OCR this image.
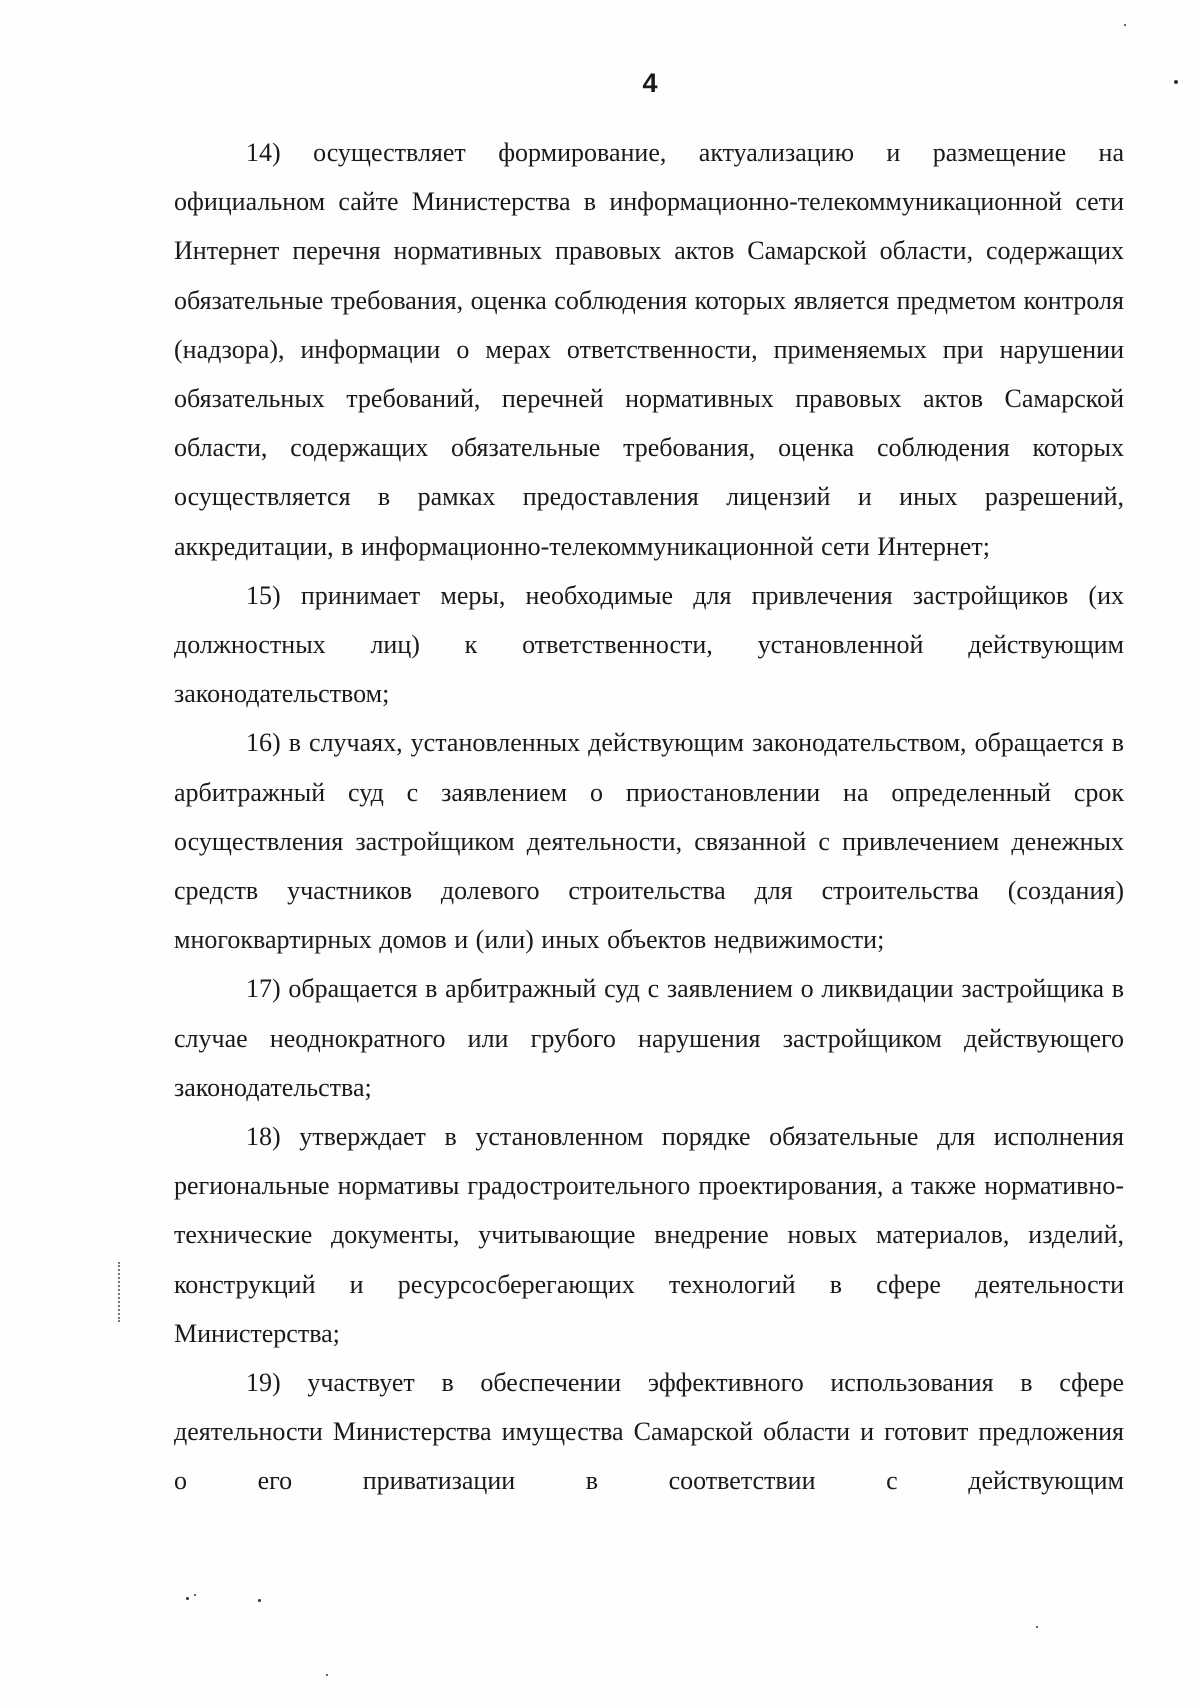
4

14) осуществляет формирование, актуализацию и размещение на официальном сайте Министерства в информационно-телекоммуникационной сети Интернет перечня нормативных правовых актов Самарской области, содержащих обязательные требования, оценка соблюдения которых является предметом контроля (надзора), информации о мерах ответственности, применяемых при нарушении обязательных требований, перечней нормативных правовых актов Самарской области, содержащих обязательные требования, оценка соблюдения которых осуществляется в рамках предоставления лицензий и иных разрешений, аккредитации, в информационно-телекоммуникационной сети Интернет;

15) принимает меры, необходимые для привлечения застройщиков (их должностных лиц) к ответственности, установленной действующим законодательством;

16) в случаях, установленных действующим законодательством, обращается в арбитражный суд с заявлением о приостановлении на определенный срок осуществления застройщиком деятельности, связанной с привлечением денежных средств участников долевого строительства для строительства (создания) многоквартирных домов и (или) иных объектов недвижимости;

17) обращается в арбитражный суд с заявлением о ликвидации застройщика в случае неоднократного или грубого нарушения застройщиком действующего законодательства;

18) утверждает в установленном порядке обязательные для исполнения региональные нормативы градостроительного проектирования, а также нормативно-технические документы, учитывающие внедрение новых материалов, изделий, конструкций и ресурсосберегающих технологий в сфере деятельности Министерства;

19) участвует в обеспечении эффективного использования в сфере деятельности Министерства имущества Самарской области и готовит предложения о его приватизации в соответствии с действующим
